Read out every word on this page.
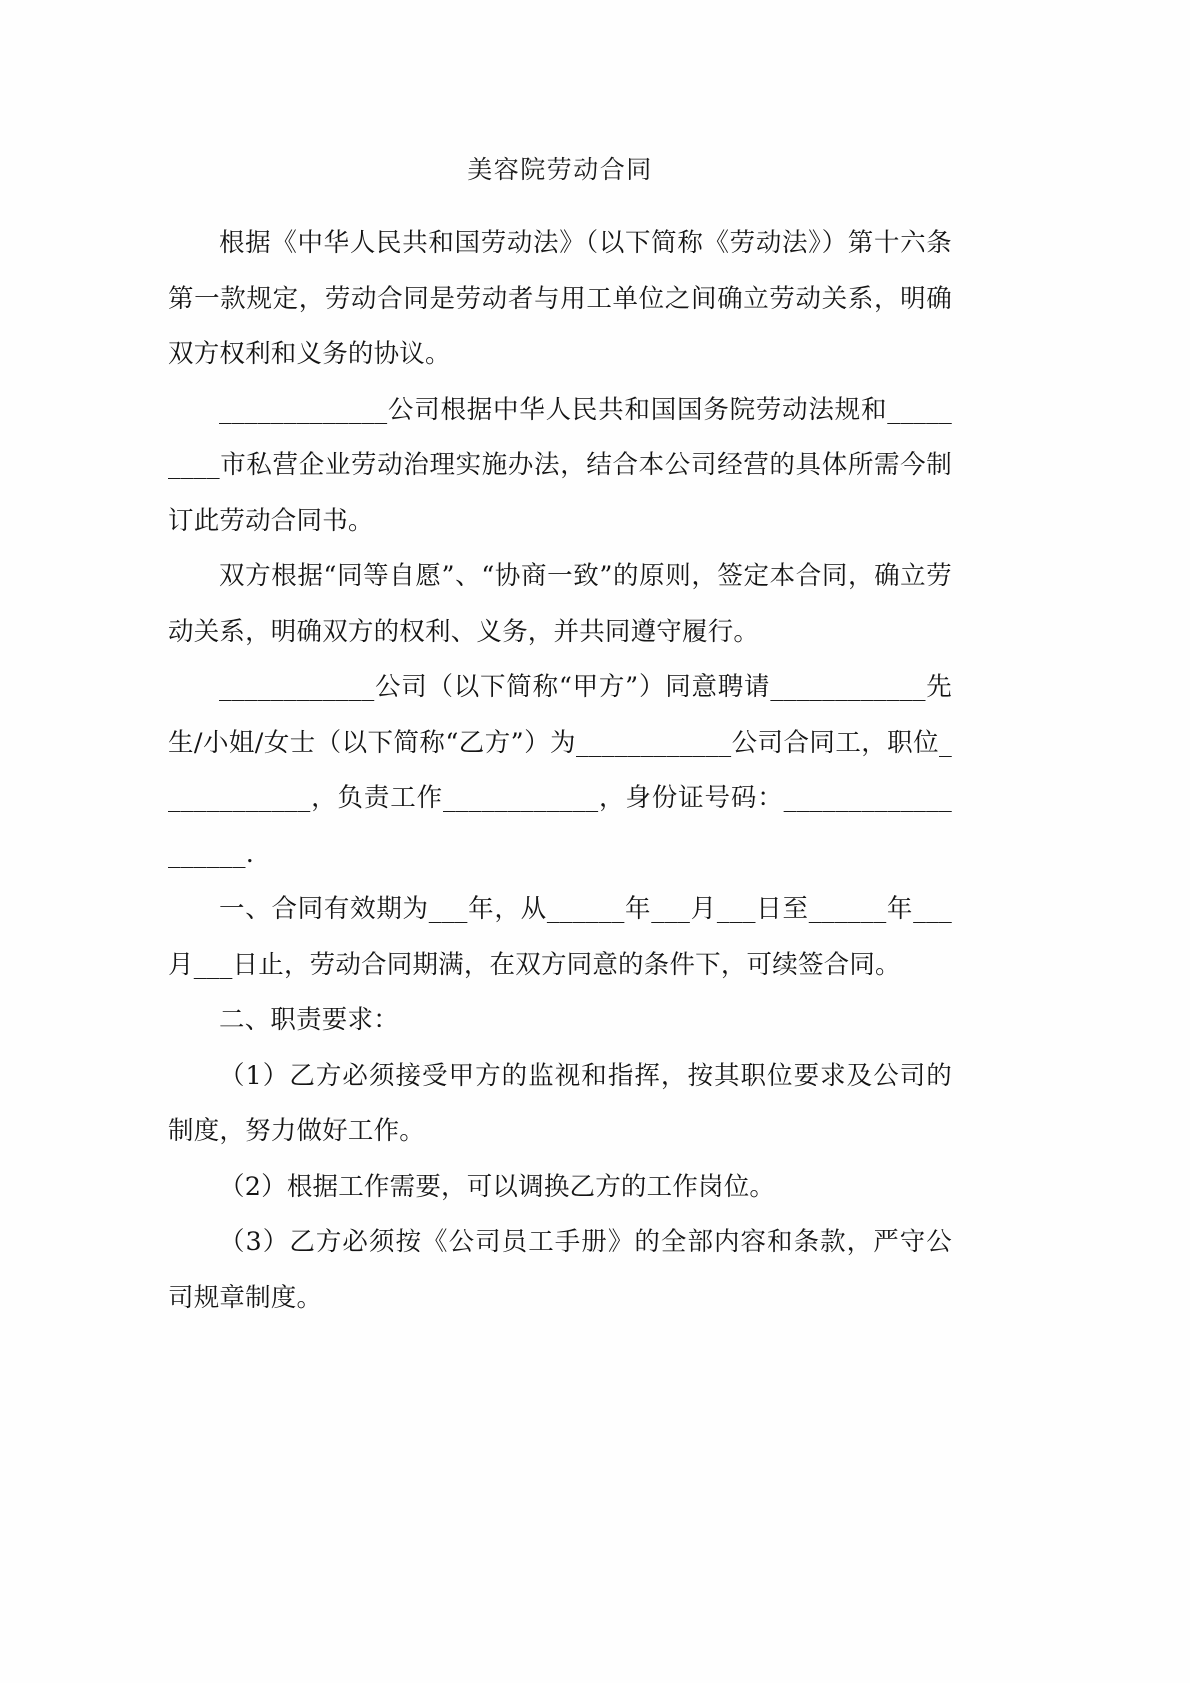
美容院劳动合同

根据《中华人民共和国劳动法》（以下简称《劳动法》）第十六条第一款规定，劳动合同是劳动者与用工单位之间确立劳动关系，明确双方权利和义务的协议。

_____________公司根据中华人民共和国国务院劳动法规和_________市私营企业劳动治理实施办法，结合本公司经营的具体所需今制订此劳动合同书。

双方根据“同等自愿”、“协商一致”的原则，签定本合同，确立劳动关系，明确双方的权利、义务，并共同遵守履行。

____________公司（以下简称“甲方”）同意聘请____________先 生/小姐/女士（以下简称“乙方”）为____________公司合同工，职位____________，负责工作____________，身份证号码：___________________.

一、合同有效期为___年，从______年___月___日至______年___月___日止，劳动合同期满，在双方同意的条件下，可续签合同。

二、职责要求：

（1）乙方必须接受甲方的监视和指挥，按其职位要求及公司的制度，努力做好工作。

（2）根据工作需要，可以调换乙方的工作岗位。

（3）乙方必须按《公司员工手册》的全部内容和条款，严守公司规章制度。
